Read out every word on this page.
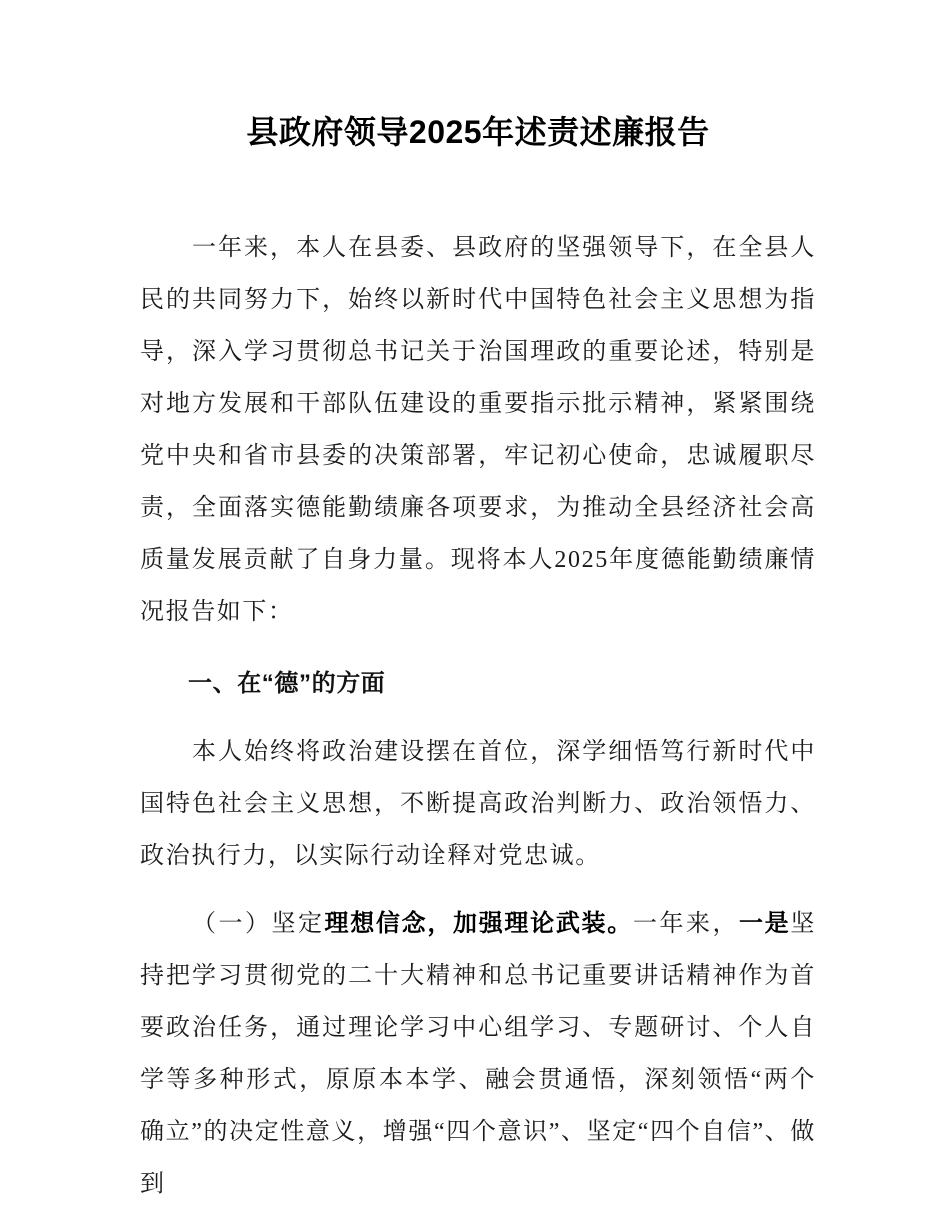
县政府领导2025年述责述廉报告

一年来，本人在县委、县政府的坚强领导下，在全县人民的共同努力下，始终以新时代中国特色社会主义思想为指导，深入学习贯彻总书记关于治国理政的重要论述，特别是对地方发展和干部队伍建设的重要指示批示精神，紧紧围绕党中央和省市县委的决策部署，牢记初心使命，忠诚履职尽责，全面落实德能勤绩廉各项要求，为推动全县经济社会高质量发展贡献了自身力量。现将本人2025年度德能勤绩廉情况报告如下：

一、在“德”的方面

本人始终将政治建设摆在首位，深学细悟笃行新时代中国特色社会主义思想，不断提高政治判断力、政治领悟力、政治执行力，以实际行动诠释对党忠诚。

（一）坚定理想信念，加强理论武装。一年来，一是坚持把学习贯彻党的二十大精神和总书记重要讲话精神作为首要政治任务，通过理论学习中心组学习、专题研讨、个人自学等多种形式，原原本本学、融会贯通悟，深刻领悟“两个确立”的决定性意义，增强“四个意识”、坚定“四个自信”、做到
